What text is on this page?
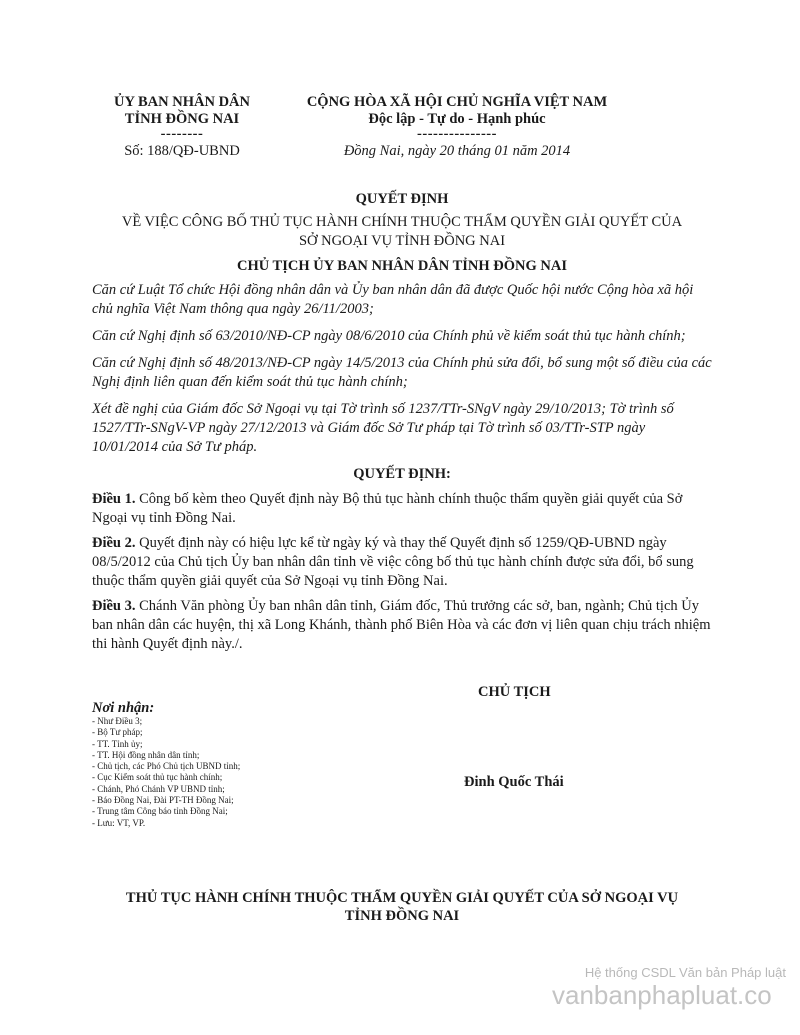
ỦY BAN NHÂN DÂN
TỈNH ĐỒNG NAI
--------
Số: 188/QĐ-UBND
CỘNG HÒA XÃ HỘI CHỦ NGHĨA VIỆT NAM
Độc lập - Tự do - Hạnh phúc
---------------
Đồng Nai, ngày 20 tháng 01 năm 2014
QUYẾT ĐỊNH
VỀ VIỆC CÔNG BỐ THỦ TỤC HÀNH CHÍNH THUỘC THẨM QUYỀN GIẢI QUYẾT CỦA
SỞ NGOẠI VỤ TỈNH ĐỒNG NAI
CHỦ TỊCH ỦY BAN NHÂN DÂN TỈNH ĐỒNG NAI

Căn cứ Luật Tổ chức Hội đồng nhân dân và Ủy ban nhân dân đã được Quốc hội nước Cộng hòa xã hội chủ nghĩa Việt Nam thông qua ngày 26/11/2003;

Căn cứ Nghị định số 63/2010/NĐ-CP ngày 08/6/2010 của Chính phủ về kiểm soát thủ tục hành chính;

Căn cứ Nghị định số 48/2013/NĐ-CP ngày 14/5/2013 của Chính phủ sửa đổi, bổ sung một số điều của các Nghị định liên quan đến kiểm soát thủ tục hành chính;

Xét đề nghị của Giám đốc Sở Ngoại vụ tại Tờ trình số 1237/TTr-SNgV ngày 29/10/2013; Tờ trình số 1527/TTr-SNgV-VP ngày 27/12/2013 và Giám đốc Sở Tư pháp tại Tờ trình số 03/TTr-STP ngày 10/01/2014 của Sở Tư pháp.

QUYẾT ĐỊNH:

Điều 1. Công bố kèm theo Quyết định này Bộ thủ tục hành chính thuộc thẩm quyền giải quyết của Sở Ngoại vụ tỉnh Đồng Nai.

Điều 2. Quyết định này có hiệu lực kể từ ngày ký và thay thế Quyết định số 1259/QĐ-UBND ngày 08/5/2012 của Chủ tịch Ủy ban nhân dân tỉnh về việc công bố thủ tục hành chính được sửa đổi, bổ sung thuộc thẩm quyền giải quyết của Sở Ngoại vụ tỉnh Đồng Nai.

Điều 3. Chánh Văn phòng Ủy ban nhân dân tỉnh, Giám đốc, Thủ trưởng các sở, ban, ngành; Chủ tịch Ủy ban nhân dân các huyện, thị xã Long Khánh, thành phố Biên Hòa và các đơn vị liên quan chịu trách nhiệm thi hành Quyết định này./.

CHỦ TỊCH
Nơi nhận:
- Như Điều 3;
- Bộ Tư pháp;
- TT. Tỉnh ủy;
- TT. Hội đồng nhân dân tỉnh;
- Chủ tịch, các Phó Chủ tịch UBND tỉnh;
- Cục Kiểm soát thủ tục hành chính;
- Chánh, Phó Chánh VP UBND tỉnh;
- Báo Đồng Nai, Đài PT-TH Đồng Nai;
- Trung tâm Công báo tỉnh Đồng Nai;
- Lưu: VT, VP.
Đinh Quốc Thái
THỦ TỤC HÀNH CHÍNH THUỘC THẨM QUYỀN GIẢI QUYẾT CỦA SỞ NGOẠI VỤ
TỈNH ĐỒNG NAI
Hệ thống CSDL Văn bản Pháp luật
vanbanphapluat.co
